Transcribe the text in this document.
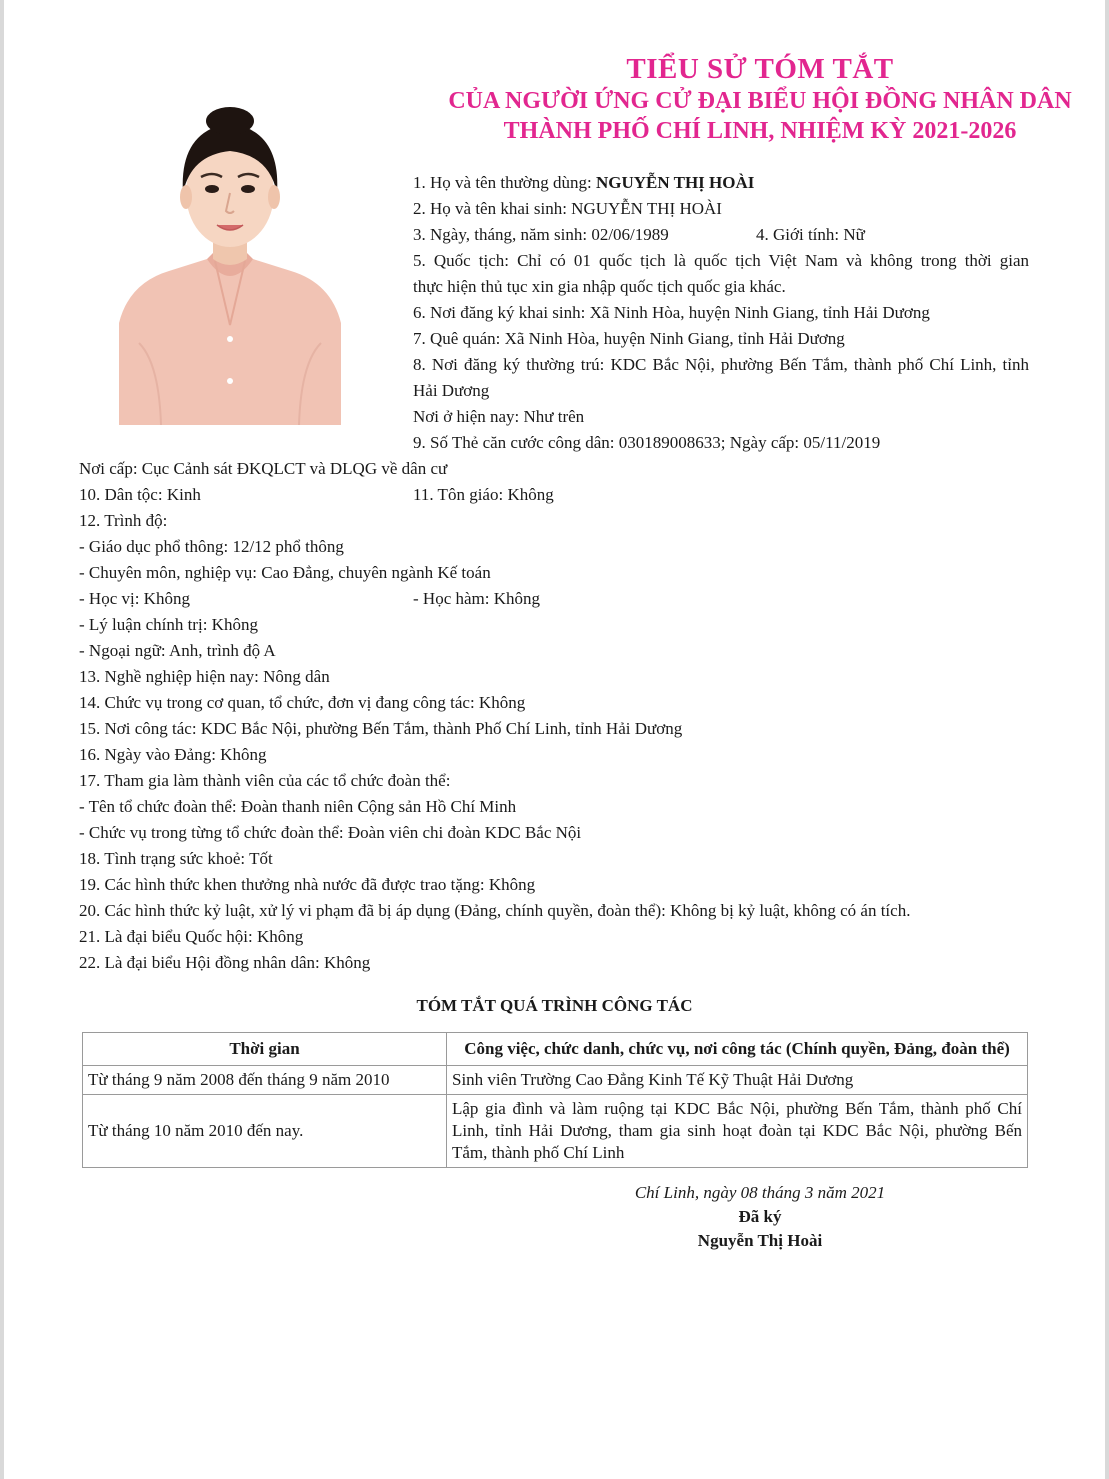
TIỂU SỬ TÓM TẮT
CỦA NGƯỜI ỨNG CỬ ĐẠI BIỂU HỘI ĐỒNG NHÂN DÂN
THÀNH PHỐ CHÍ LINH, NHIỆM KỲ 2021-2026
1. Họ và tên thường dùng: NGUYỄN THỊ HOÀI
2. Họ và tên khai sinh: NGUYỄN THỊ HOÀI
3. Ngày, tháng, năm sinh: 02/06/1989	4. Giới tính: Nữ
5. Quốc tịch: Chỉ có 01 quốc tịch là quốc tịch Việt Nam và không trong thời gian
thực hiện thủ tục xin gia nhập quốc tịch quốc gia khác.
6. Nơi đăng ký khai sinh: Xã Ninh Hòa, huyện Ninh Giang, tỉnh Hải Dương
7. Quê quán: Xã Ninh Hòa, huyện Ninh Giang, tỉnh Hải Dương
8. Nơi đăng ký thường trú: KDC Bắc Nội, phường Bến Tắm, thành phố Chí Linh, tỉnh
Hải Dương
Nơi ở hiện nay: Như trên
9. Số Thẻ căn cước công dân: 030189008633; Ngày cấp: 05/11/2019
Nơi cấp: Cục Cảnh sát ĐKQLCT và DLQG về dân cư
10. Dân tộc: Kinh	11. Tôn giáo: Không
12. Trình độ:
- Giáo dục phổ thông: 12/12 phổ thông
- Chuyên môn, nghiệp vụ: Cao Đẳng, chuyên ngành Kế toán
- Học vị: Không	- Học hàm: Không
- Lý luận chính trị: Không
- Ngoại ngữ: Anh, trình độ A
13. Nghề nghiệp hiện nay: Nông dân
14. Chức vụ trong cơ quan, tổ chức, đơn vị đang công tác: Không
15. Nơi công tác: KDC Bắc Nội, phường Bến Tắm, thành Phố Chí Linh, tỉnh Hải Dương
16. Ngày vào Đảng: Không
17. Tham gia làm thành viên của các tổ chức đoàn thể:
- Tên tổ chức đoàn thể: Đoàn thanh niên Cộng sản Hồ Chí Minh
- Chức vụ trong từng tổ chức đoàn thể: Đoàn viên chi đoàn KDC Bắc Nội
18. Tình trạng sức khoẻ: Tốt
19. Các hình thức khen thưởng nhà nước đã được trao tặng: Không
20. Các hình thức kỷ luật, xử lý vi phạm đã bị áp dụng (Đảng, chính quyền, đoàn thể): Không bị kỷ luật, không có án tích.
21. Là đại biểu Quốc hội: Không
22. Là đại biểu Hội đồng nhân dân: Không
TÓM TẮT QUÁ TRÌNH CÔNG TÁC
Thời gian	Công việc, chức danh, chức vụ, nơi công tác (Chính quyền, Đảng, đoàn thể)
Từ tháng 9 năm 2008 đến tháng 9 năm 2010	Sinh viên Trường Cao Đẳng Kinh Tế Kỹ Thuật Hải Dương
Từ tháng 10 năm 2010 đến nay.	Lập gia đình và làm ruộng tại KDC Bắc Nội, phường Bến Tắm, thành phố Chí Linh, tỉnh Hải Dương, tham gia sinh hoạt đoàn tại KDC Bắc Nội, phường Bến Tắm, thành phố Chí Linh
Chí Linh, ngày 08 tháng 3 năm 2021
Đã ký
Nguyễn Thị Hoài
